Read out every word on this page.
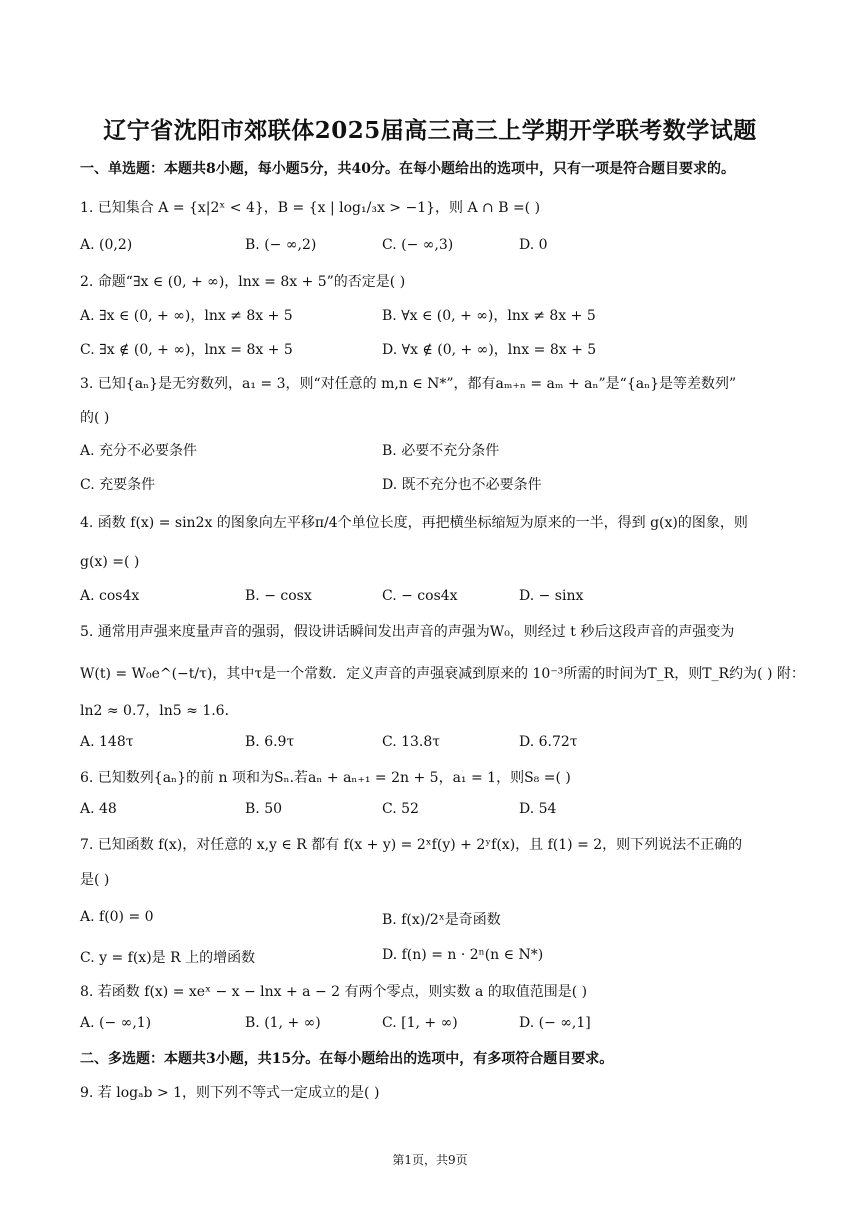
辽宁省沈阳市郊联体2025届高三高三上学期开学联考数学试题
一、单选题：本题共8小题，每小题5分，共40分。在每小题给出的选项中，只有一项是符合题目要求的。
1. 已知集合 A = {x|2ˣ < 4}，B = {x | log₁/₃x > −1}，则 A ∩ B =( )
A. (0,2)	B. (− ∞,2)	C. (− ∞,3)	D. 0
2. 命题“∃x ∈ (0, + ∞)，lnx = 8x + 5”的否定是( )
A. ∃x ∈ (0, + ∞)，lnx ≠ 8x + 5	B. ∀x ∈ (0, + ∞)，lnx ≠ 8x + 5
C. ∃x ∉ (0, + ∞)，lnx = 8x + 5	D. ∀x ∉ (0, + ∞)，lnx = 8x + 5
3. 已知{aₙ}是无穷数列，a₁ = 3，则“对任意的 m,n ∈ N*”，都有aₘ₊ₙ = aₘ + aₙ”是“{aₙ}是等差数列”
的( )
A. 充分不必要条件	B. 必要不充分条件
C. 充要条件	D. 既不充分也不必要条件
4. 函数 f(x) = sin2x 的图象向左平移π/4个单位长度，再把横坐标缩短为原来的一半，得到 g(x)的图象，则
g(x) =( )
A. cos4x	B. − cosx	C. − cos4x	D. − sinx
5. 通常用声强来度量声音的强弱，假设讲话瞬间发出声音的声强为W₀，则经过 t 秒后这段声音的声强变为
W(t) = W₀e^(−t/τ)，其中τ是一个常数．定义声音的声强衰减到原来的 10⁻³所需的时间为T_R，则T_R约为( ) 附：
ln2 ≈ 0.7，ln5 ≈ 1.6．
A. 148τ	B. 6.9τ	C. 13.8τ	D. 6.72τ
6. 已知数列{aₙ}的前 n 项和为Sₙ.若aₙ + aₙ₊₁ = 2n + 5，a₁ = 1，则S₈ =( )
A. 48	B. 50	C. 52	D. 54
7. 已知函数 f(x)，对任意的 x,y ∈ R 都有 f(x + y) = 2ˣf(y) + 2ʸf(x)，且 f(1) = 2，则下列说法不正确的
是( )
A. f(0) = 0	B. f(x)/2ˣ是奇函数
C. y = f(x)是 R 上的增函数	D. f(n) = n · 2ⁿ(n ∈ N*)
8. 若函数 f(x) = xeˣ − x − lnx + a − 2 有两个零点，则实数 a 的取值范围是( )
A. (− ∞,1)	B. (1, + ∞)	C. [1, + ∞)	D. (− ∞,1]
二、多选题：本题共3小题，共15分。在每小题给出的选项中，有多项符合题目要求。
9. 若 logₐb > 1，则下列不等式一定成立的是( )
第1页，共9页
